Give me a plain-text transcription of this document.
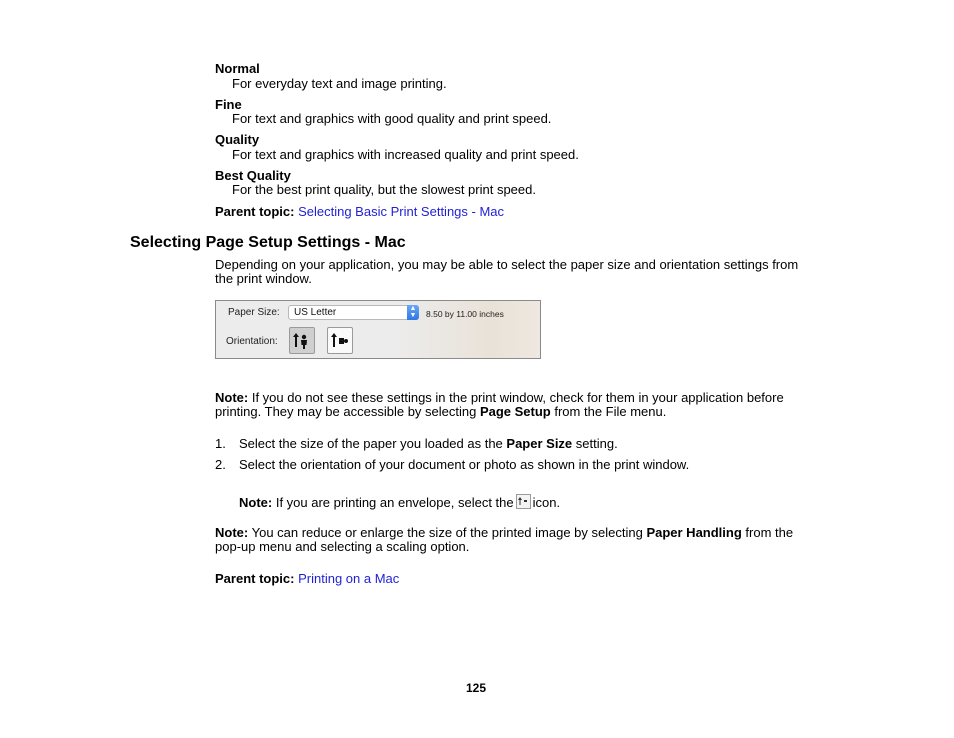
Normal
For everyday text and image printing.
Fine
For text and graphics with good quality and print speed.
Quality
For text and graphics with increased quality and print speed.
Best Quality
For the best print quality, but the slowest print speed.
Parent topic: Selecting Basic Print Settings - Mac
Selecting Page Setup Settings - Mac
Depending on your application, you may be able to select the paper size and orientation settings from
the print window.
Paper Size: US Letter	▲
▼ 8.50 by 11.00 inches
Orientation:
Note: If you do not see these settings in the print window, check for them in your application before
printing. They may be accessible by selecting Page Setup from the File menu.
1. Select the size of the paper you loaded as the Paper Size setting.
2. Select the orientation of your document or photo as shown in the print window.
Note: If you are printing an envelope, select the icon.
Note: You can reduce or enlarge the size of the printed image by selecting Paper Handling from the
pop-up menu and selecting a scaling option.
Parent topic: Printing on a Mac
125
